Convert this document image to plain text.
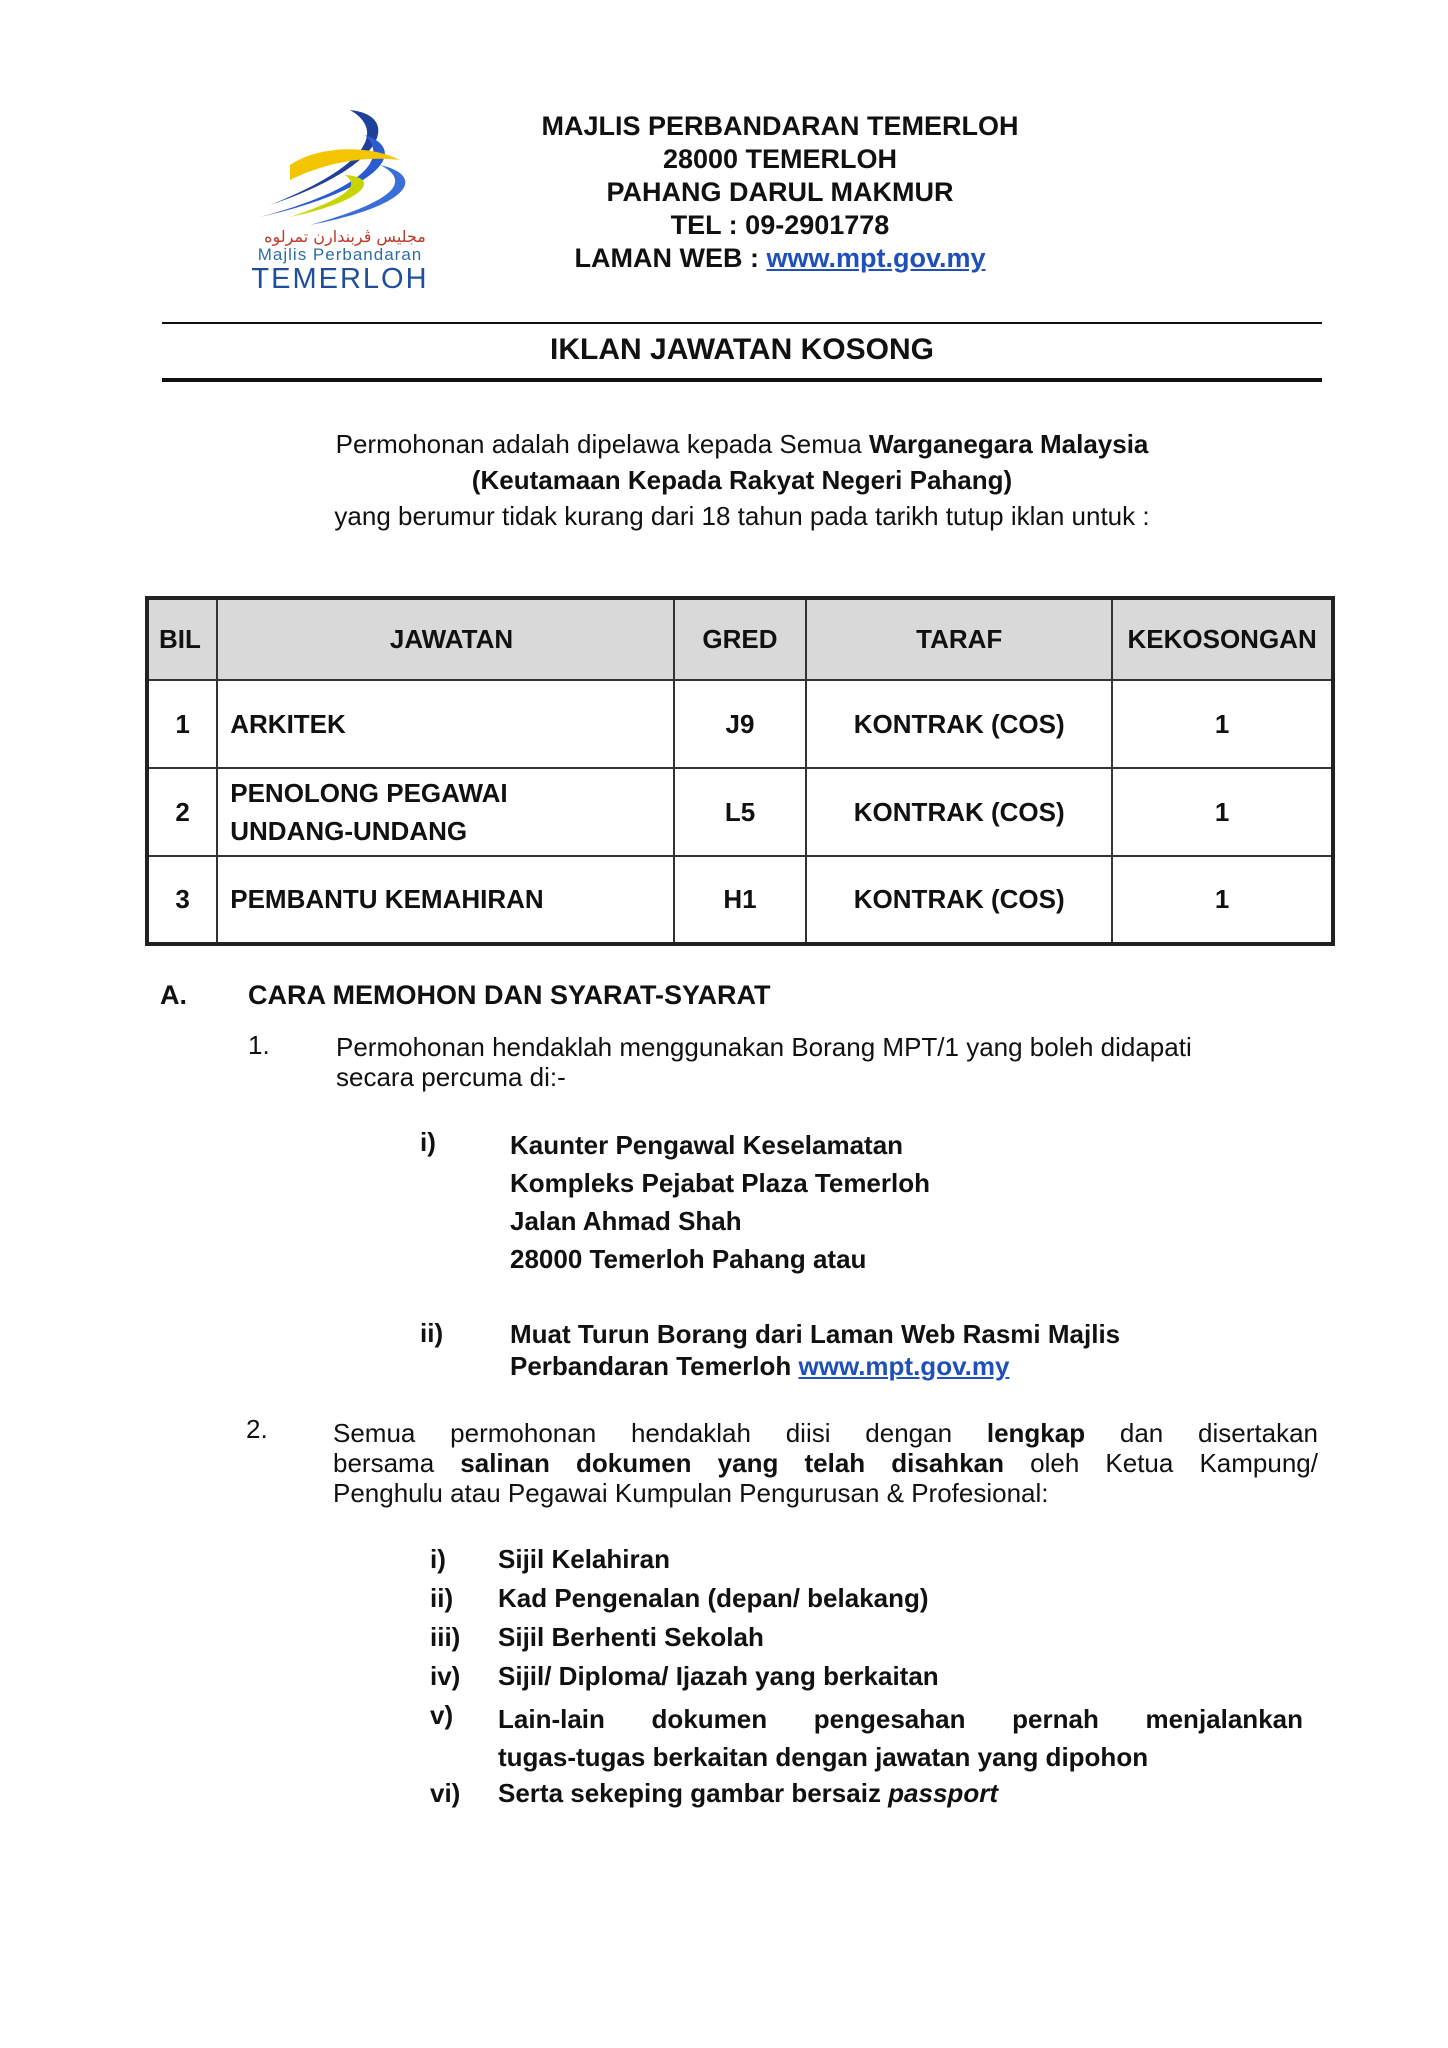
مجليس ڤربندارن تمرلوه
Majlis Perbandaran
TEMERLOH
MAJLIS PERBANDARAN TEMERLOH
28000 TEMERLOH
PAHANG DARUL MAKMUR
TEL : 09-2901778
LAMAN WEB : www.mpt.gov.my
IKLAN JAWATAN KOSONG
Permohonan adalah dipelawa kepada Semua Warganegara Malaysia
(Keutamaan Kepada Rakyat Negeri Pahang)
yang berumur tidak kurang dari 18 tahun pada tarikh tutup iklan untuk :
BIL	JAWATAN	GRED	TARAF	KEKOSONGAN
1	ARKITEK	J9	KONTRAK (COS)	1
2	PENOLONG PEGAWAI
UNDANG-UNDANG	L5	KONTRAK (COS)	1
3	PEMBANTU KEMAHIRAN	H1	KONTRAK (COS)	1
A. CARA MEMOHON DAN SYARAT-SYARAT
1.	Permohonan hendaklah menggunakan Borang MPT/1 yang boleh didapati
secara percuma di:-
i)	Kaunter Pengawal Keselamatan
Kompleks Pejabat Plaza Temerloh
Jalan Ahmad Shah
28000 Temerloh Pahang atau
ii)	Muat Turun Borang dari Laman Web Rasmi Majlis
Perbandaran Temerloh www.mpt.gov.my
2.	Semua permohonan hendaklah diisi dengan lengkap dan disertakan
bersama salinan dokumen yang telah disahkan oleh Ketua Kampung/
Penghulu atau Pegawai Kumpulan Pengurusan & Profesional:
i)	Sijil Kelahiran
ii)	Kad Pengenalan (depan/ belakang)
iii)	Sijil Berhenti Sekolah
iv)	Sijil/ Diploma/ Ijazah yang berkaitan
v)	Lain-lain dokumen pengesahan pernah menjalankan
tugas-tugas berkaitan dengan jawatan yang dipohon
vi)	Serta sekeping gambar bersaiz passport
